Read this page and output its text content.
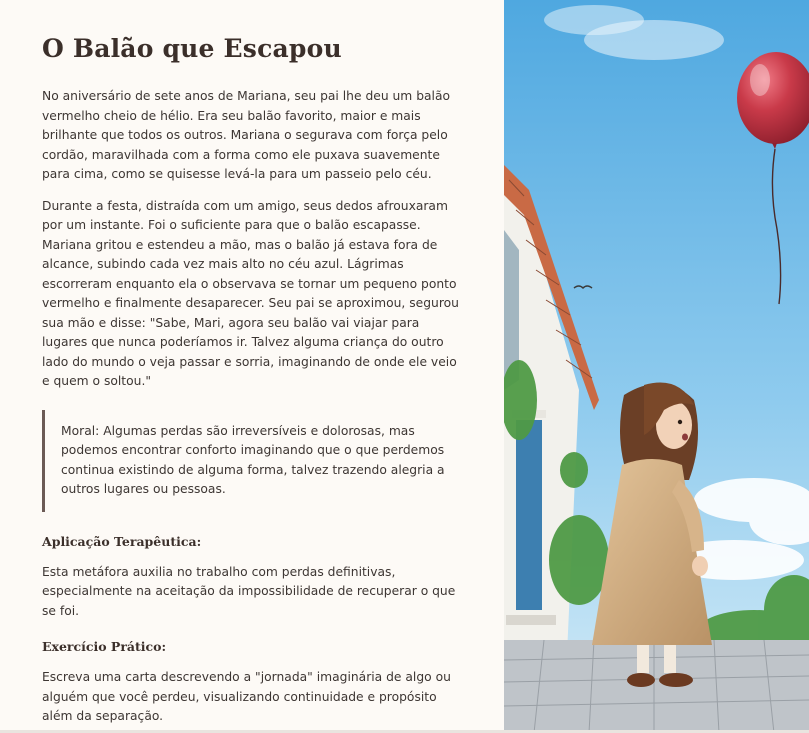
O Balão que Escapou

No aniversário de sete anos de Mariana, seu pai lhe deu um balão vermelho cheio de hélio. Era seu balão favorito, maior e mais brilhante que todos os outros. Mariana o segurava com força pelo cordão, maravilhada com a forma como ele puxava suavemente para cima, como se quisesse levá-la para um passeio pelo céu.

Durante a festa, distraída com um amigo, seus dedos afrouxaram por um instante. Foi o suficiente para que o balão escapasse. Mariana gritou e estendeu a mão, mas o balão já estava fora de alcance, subindo cada vez mais alto no céu azul. Lágrimas escorreram enquanto ela o observava se tornar um pequeno ponto vermelho e finalmente desaparecer. Seu pai se aproximou, segurou sua mão e disse: "Sabe, Mari, agora seu balão vai viajar para lugares que nunca poderíamos ir. Talvez alguma criança do outro lado do mundo o veja passar e sorria, imaginando de onde ele veio e quem o soltou."

Moral: Algumas perdas são irreversíveis e dolorosas, mas podemos encontrar conforto imaginando que o que perdemos continua existindo de alguma forma, talvez trazendo alegria a outros lugares ou pessoas.

Aplicação Terapêutica:

Esta metáfora auxilia no trabalho com perdas definitivas, especialmente na aceitação da impossibilidade de recuperar o que se foi.

Exercício Prático:

Escreva uma carta descrevendo a "jornada" imaginária de algo ou alguém que você perdeu, visualizando continuidade e propósito além da separação.
